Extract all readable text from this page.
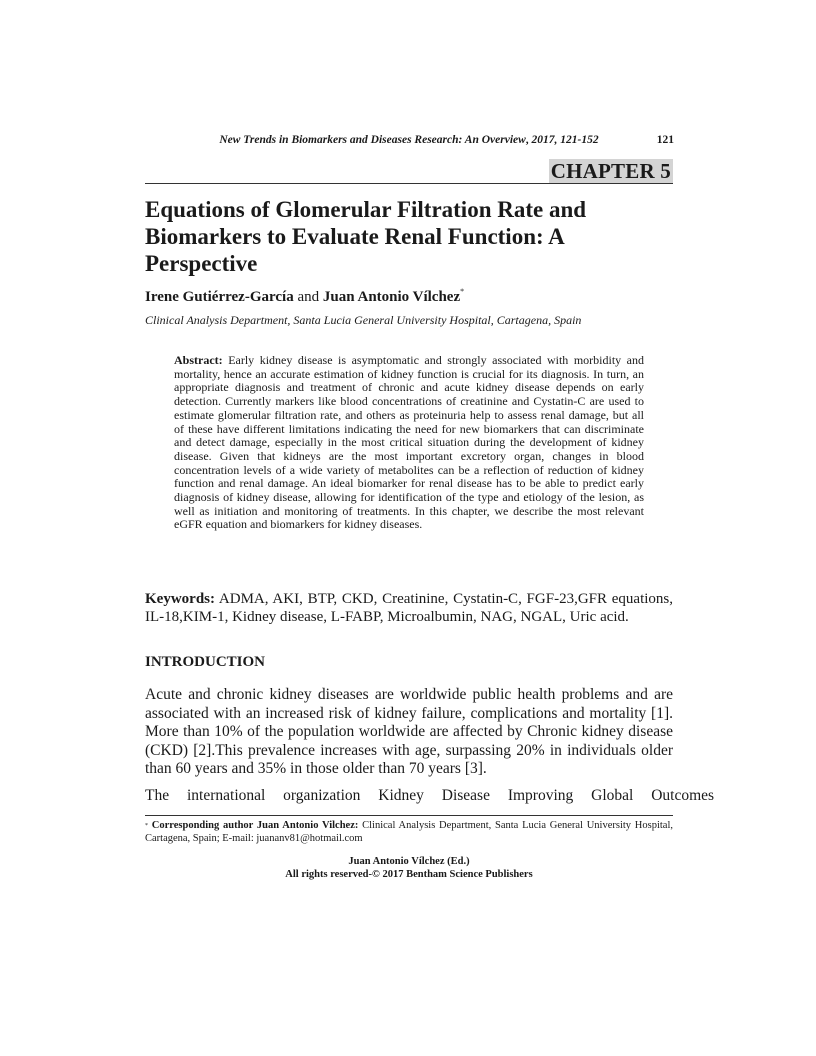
New Trends in Biomarkers and Diseases Research: An Overview, 2017, 121-152	121
CHAPTER 5
Equations of Glomerular Filtration Rate and Biomarkers to Evaluate Renal Function: A Perspective
Irene Gutiérrez-García and Juan Antonio Vílchez*
Clinical Analysis Department, Santa Lucia General University Hospital, Cartagena, Spain
Abstract: Early kidney disease is asymptomatic and strongly associated with morbidity and mortality, hence an accurate estimation of kidney function is crucial for its diagnosis. In turn, an appropriate diagnosis and treatment of chronic and acute kidney disease depends on early detection. Currently markers like blood concentrations of creatinine and Cystatin-C are used to estimate glomerular filtration rate, and others as proteinuria help to assess renal damage, but all of these have different limitations indicating the need for new biomarkers that can discriminate and detect damage, especially in the most critical situation during the development of kidney disease. Given that kidneys are the most important excretory organ, changes in blood concentration levels of a wide variety of metabolites can be a reflection of reduction of kidney function and renal damage. An ideal biomarker for renal disease has to be able to predict early diagnosis of kidney disease, allowing for identification of the type and etiology of the lesion, as well as initiation and monitoring of treatments. In this chapter, we describe the most relevant eGFR equation and biomarkers for kidney diseases.
Keywords: ADMA, AKI, BTP, CKD, Creatinine, Cystatin-C, FGF-23,GFR equations, IL-18,KIM-1, Kidney disease, L-FABP, Microalbumin, NAG, NGAL, Uric acid.
INTRODUCTION
Acute and chronic kidney diseases are worldwide public health problems and are associated with an increased risk of kidney failure, complications and mortality [1]. More than 10% of the population worldwide are affected by Chronic kidney disease (CKD) [2].This prevalence increases with age, surpassing 20% in individuals older than 60 years and 35% in those older than 70 years [3].
The international organization Kidney Disease Improving Global Outcomes
* Corresponding author Juan Antonio Vilchez: Clinical Analysis Department, Santa Lucia General University Hospital, Cartagena, Spain; E-mail: juananv81@hotmail.com
Juan Antonio Vílchez (Ed.)
All rights reserved-© 2017 Bentham Science Publishers
